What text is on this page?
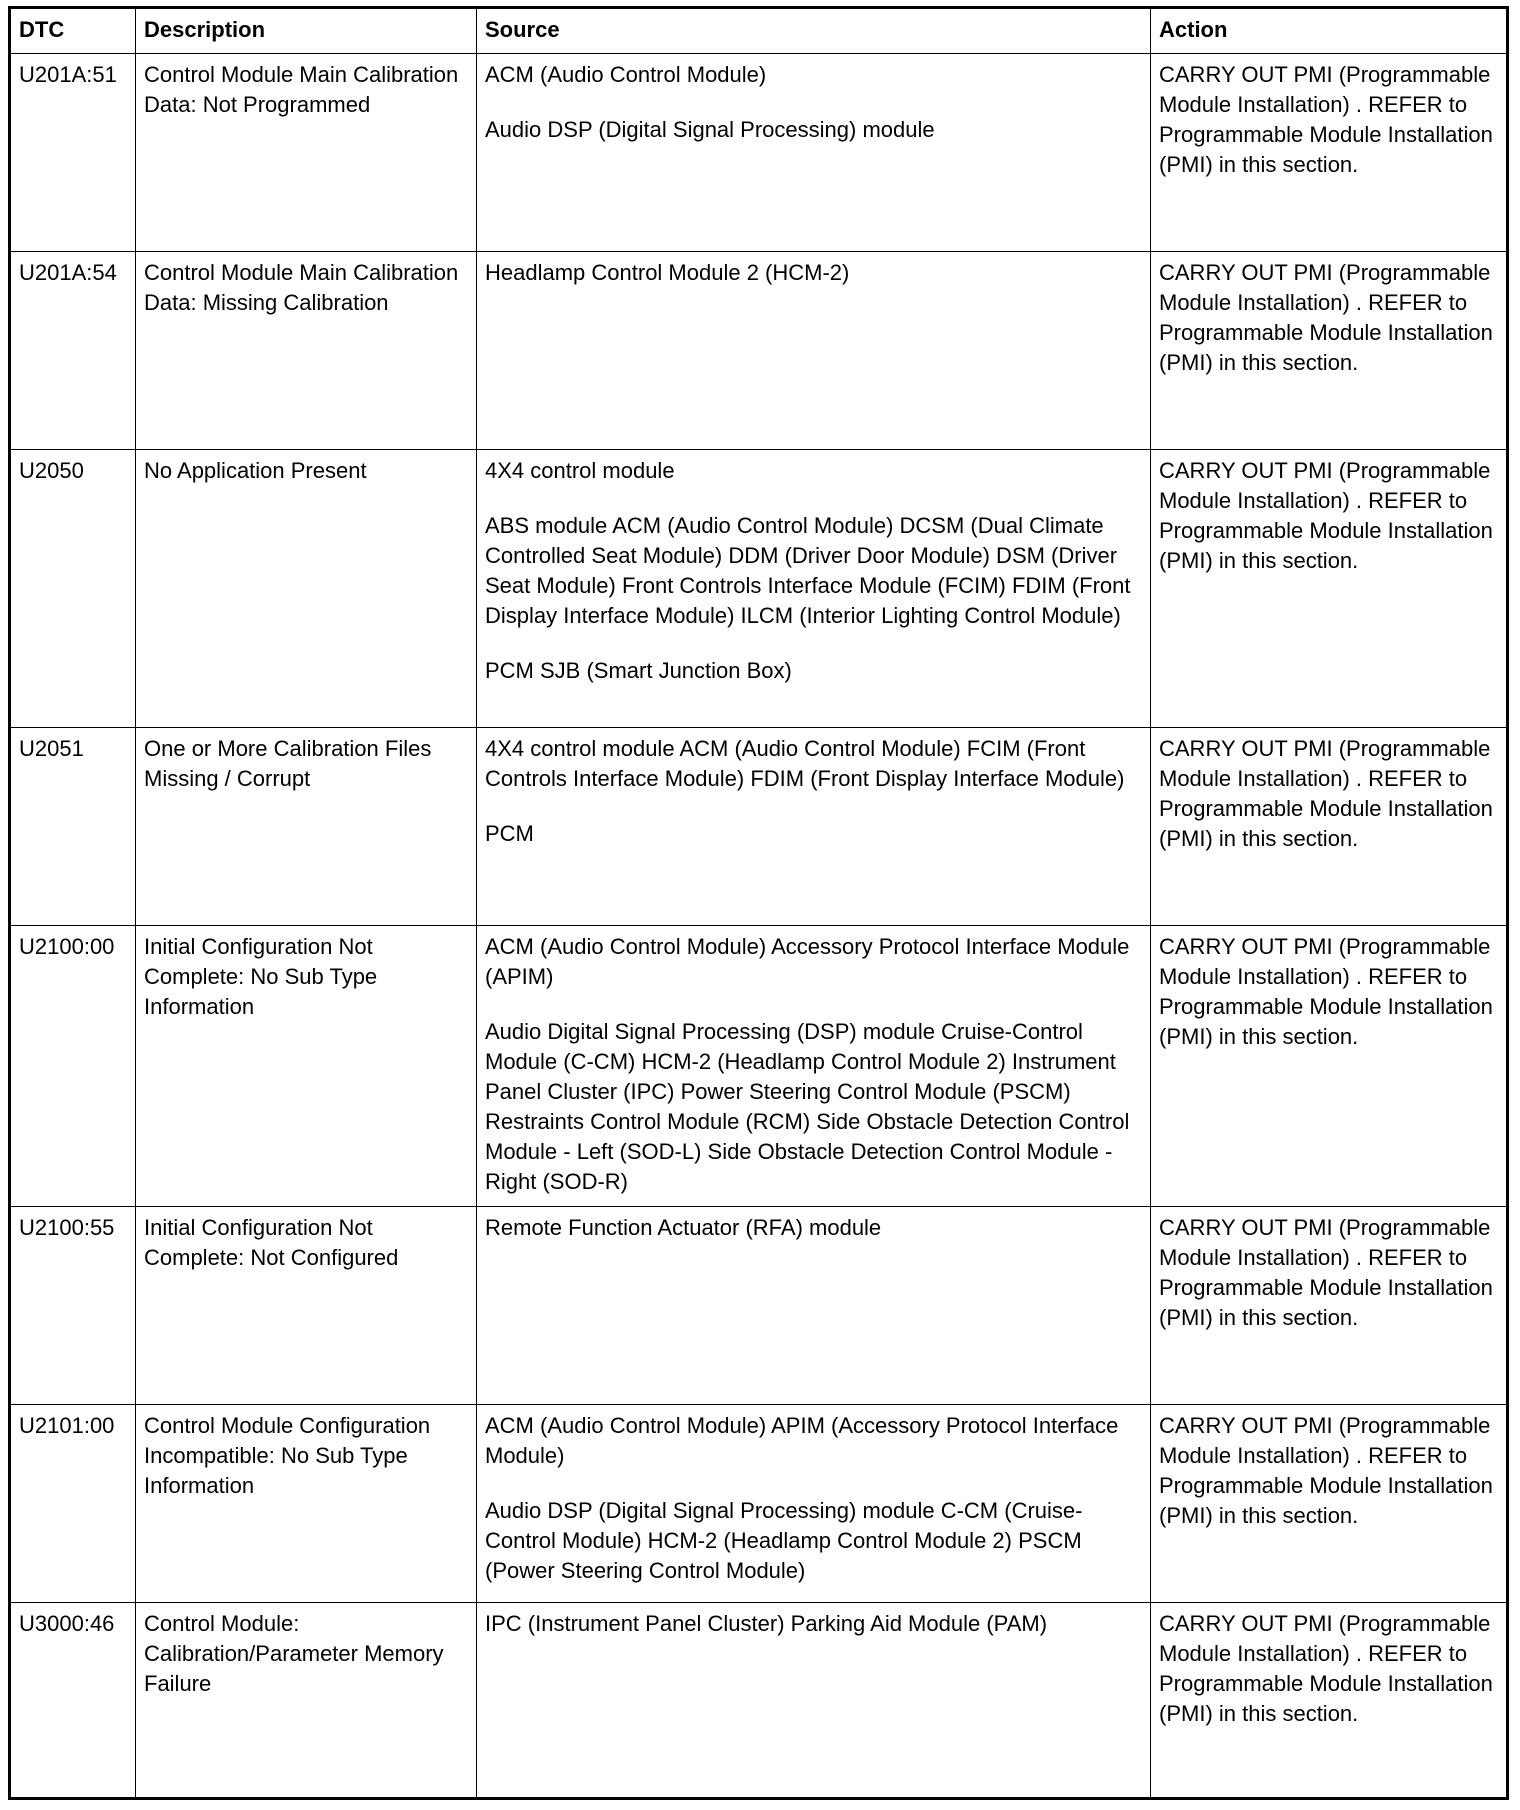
DTC	Description	Source	Action
U201A:51	Control Module Main Calibration Data: Not Programmed	ACM (Audio Control Module)
Audio DSP (Digital Signal Processing) module	CARRY OUT PMI (Programmable Module Installation) . REFER to Programmable Module Installation (PMI) in this section.
U201A:54	Control Module Main Calibration Data: Missing Calibration	Headlamp Control Module 2 (HCM-2)	CARRY OUT PMI (Programmable Module Installation) . REFER to Programmable Module Installation (PMI) in this section.
U2050	No Application Present	4X4 control module
ABS module ACM (Audio Control Module) DCSM (Dual Climate Controlled Seat Module) DDM (Driver Door Module) DSM (Driver Seat Module) Front Controls Interface Module (FCIM) FDIM (Front Display Interface Module) ILCM (Interior Lighting Control Module)
PCM SJB (Smart Junction Box)	CARRY OUT PMI (Programmable Module Installation) . REFER to Programmable Module Installation (PMI) in this section.
U2051	One or More Calibration Files Missing / Corrupt	4X4 control module ACM (Audio Control Module) FCIM (Front Controls Interface Module) FDIM (Front Display Interface Module)
PCM	CARRY OUT PMI (Programmable Module Installation) . REFER to Programmable Module Installation (PMI) in this section.
U2100:00	Initial Configuration Not Complete: No Sub Type Information	ACM (Audio Control Module) Accessory Protocol Interface Module (APIM)
Audio Digital Signal Processing (DSP) module Cruise-Control Module (C-CM) HCM-2 (Headlamp Control Module 2) Instrument Panel Cluster (IPC) Power Steering Control Module (PSCM) Restraints Control Module (RCM) Side Obstacle Detection Control Module - Left (SOD-L) Side Obstacle Detection Control Module - Right (SOD-R)	CARRY OUT PMI (Programmable Module Installation) . REFER to Programmable Module Installation (PMI) in this section.
U2100:55	Initial Configuration Not Complete: Not Configured	Remote Function Actuator (RFA) module	CARRY OUT PMI (Programmable Module Installation) . REFER to Programmable Module Installation (PMI) in this section.
U2101:00	Control Module Configuration Incompatible: No Sub Type Information	ACM (Audio Control Module) APIM (Accessory Protocol Interface Module)
Audio DSP (Digital Signal Processing) module C-CM (Cruise-Control Module) HCM-2 (Headlamp Control Module 2) PSCM (Power Steering Control Module)	CARRY OUT PMI (Programmable Module Installation) . REFER to Programmable Module Installation (PMI) in this section.
U3000:46	Control Module: Calibration/Parameter Memory Failure	IPC (Instrument Panel Cluster) Parking Aid Module (PAM)	CARRY OUT PMI (Programmable Module Installation) . REFER to Programmable Module Installation (PMI) in this section.
